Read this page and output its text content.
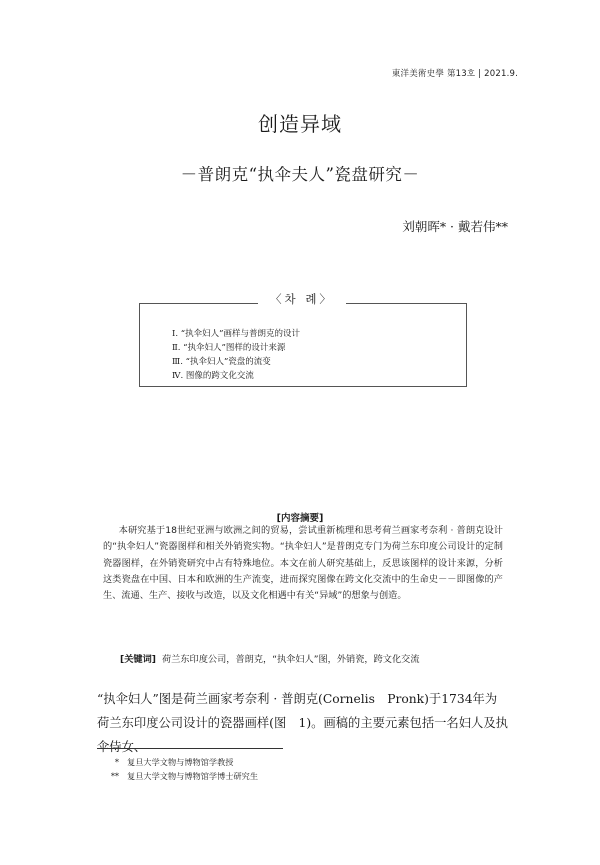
東洋美術史學 第13호 | 2021.9.
创造异域
－普朗克“执伞夫人”瓷盘研究－
刘朝晖* · 戴若伟**
〈차 례〉
Ⅰ. “执伞妇人”画样与普朗克的设计
Ⅱ. “执伞妇人”图样的设计来源
Ⅲ. “执伞妇人”瓷盘的流变
Ⅳ. 图像的跨文化交流
[内容摘要]
本研究基于18世纪亚洲与欧洲之间的贸易，尝试重新梳理和思考荷兰画家考奈利 · 普朗克设计的“执伞妇人”瓷器图样和相关外销瓷实物。“执伞妇人”是普朗克专门为荷兰东印度公司设计的定制瓷器图样，在外销瓷研究中占有特殊地位。本文在前人研究基础上，反思该图样的设计来源，分析这类瓷盘在中国、日本和欧洲的生产流变，进而探究图像在跨文化交流中的生命史－－即图像的产生、流通、生产、接收与改造，以及文化相遇中有关“异域”的想象与创造。
[关键词] 荷兰东印度公司，普朗克，“执伞妇人”图，外销瓷，跨文化交流
“执伞妇人”图是荷兰画家考奈利 · 普朗克(Cornelis　Pronk)于1734年为荷兰东印度公司设计的瓷器画样(图　1)。画稿的主要元素包括一名妇人及执伞侍女、
* 复旦大学文物与博物馆学教授
** 复旦大学文物与博物馆学博士研究生
